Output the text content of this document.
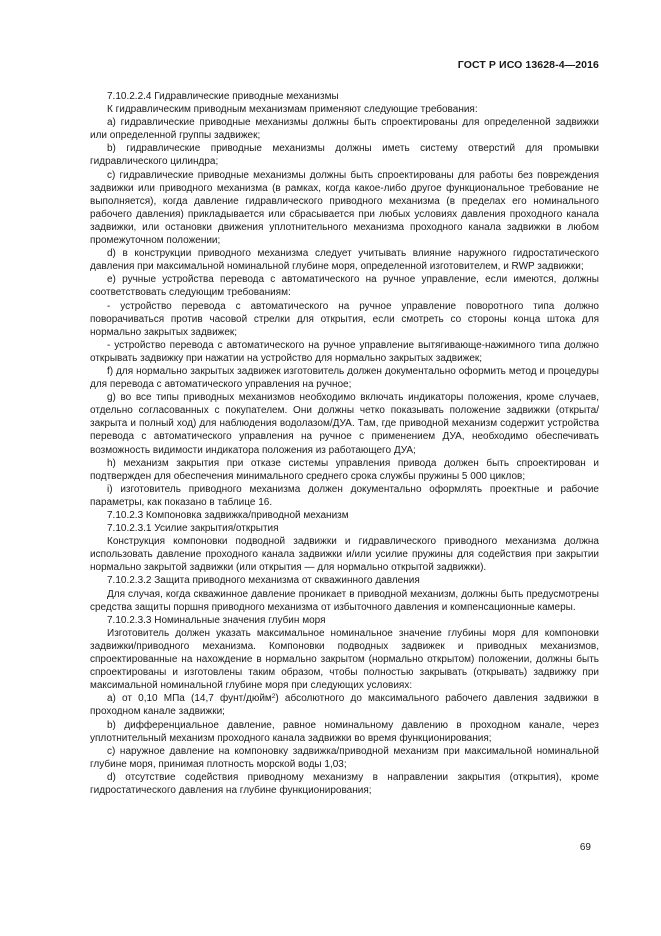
ГОСТ Р ИСО 13628-4—2016

7.10.2.2.4 Гидравлические приводные механизмы

К гидравлическим приводным механизмам применяют следующие требования:

a) гидравлические приводные механизмы должны быть спроектированы для определенной задвижки или определенной группы задвижек;

b) гидравлические приводные механизмы должны иметь систему отверстий для промывки гидравлического цилиндра;

c) гидравлические приводные механизмы должны быть спроектированы для работы без повреждения задвижки или приводного механизма (в рамках, когда какое-либо другое функциональное требование не выполняется), когда давление гидравлического приводного механизма (в пределах его номинального рабочего давления) прикладывается или сбрасывается при любых условиях давления проходного канала задвижки, или остановки движения уплотнительного механизма проходного канала задвижки в любом промежуточном положении;

d) в конструкции приводного механизма следует учитывать влияние наружного гидростатического давления при максимальной номинальной глубине моря, определенной изготовителем, и RWP задвижки;

e) ручные устройства перевода с автоматического на ручное управление, если имеются, должны соответствовать следующим требованиям:

- устройство перевода с автоматического на ручное управление поворотного типа должно поворачиваться против часовой стрелки для открытия, если смотреть со стороны конца штока для нормально закрытых задвижек;

- устройство перевода с автоматического на ручное управление вытягивающе-нажимного типа должно открывать задвижку при нажатии на устройство для нормально закрытых задвижек;

f) для нормально закрытых задвижек изготовитель должен документально оформить метод и процедуры для перевода с автоматического управления на ручное;

g) во все типы приводных механизмов необходимо включать индикаторы положения, кроме случаев, отдельно согласованных с покупателем. Они должны четко показывать положение задвижки (открыта/закрыта и полный ход) для наблюдения водолазом/ДУА. Там, где приводной механизм содержит устройства перевода с автоматического управления на ручное с применением ДУА, необходимо обеспечивать возможность видимости индикатора положения из работающего ДУА;

h) механизм закрытия при отказе системы управления привода должен быть спроектирован и подтвержден для обеспечения минимального среднего срока службы пружины 5 000 циклов;

i) изготовитель приводного механизма должен документально оформлять проектные и рабочие параметры, как показано в таблице 16.

7.10.2.3 Компоновка задвижка/приводной механизм

7.10.2.3.1 Усилие закрытия/открытия

Конструкция компоновки подводной задвижки и гидравлического приводного механизма должна использовать давление проходного канала задвижки и/или усилие пружины для содействия при закрытии нормально закрытой задвижки (или открытия — для нормально открытой задвижки).

7.10.2.3.2 Защита приводного механизма от скважинного давления

Для случая, когда скважинное давление проникает в приводной механизм, должны быть предусмотрены средства защиты поршня приводного механизма от избыточного давления и компенсационные камеры.

7.10.2.3.3 Номинальные значения глубин моря

Изготовитель должен указать максимальное номинальное значение глубины моря для компоновки задвижки/приводного механизма. Компоновки подводных задвижек и приводных механизмов, спроектированные на нахождение в нормально закрытом (нормально открытом) положении, должны быть спроектированы и изготовлены таким образом, чтобы полностью закрывать (открывать) задвижку при максимальной номинальной глубине моря при следующих условиях:

a) от 0,10 МПа (14,7 фунт/дюйм$^2$) абсолютного до максимального рабочего давления задвижки в проходном канале задвижки;

b) дифференциальное давление, равное номинальному давлению в проходном канале, через уплотнительный механизм проходного канала задвижки во время функционирования;

c) наружное давление на компоновку задвижка/приводной механизм при максимальной номинальной глубине моря, принимая плотность морской воды 1,03;

d) отсутствие содействия приводному механизму в направлении закрытия (открытия), кроме гидростатического давления на глубине функционирования;

69
